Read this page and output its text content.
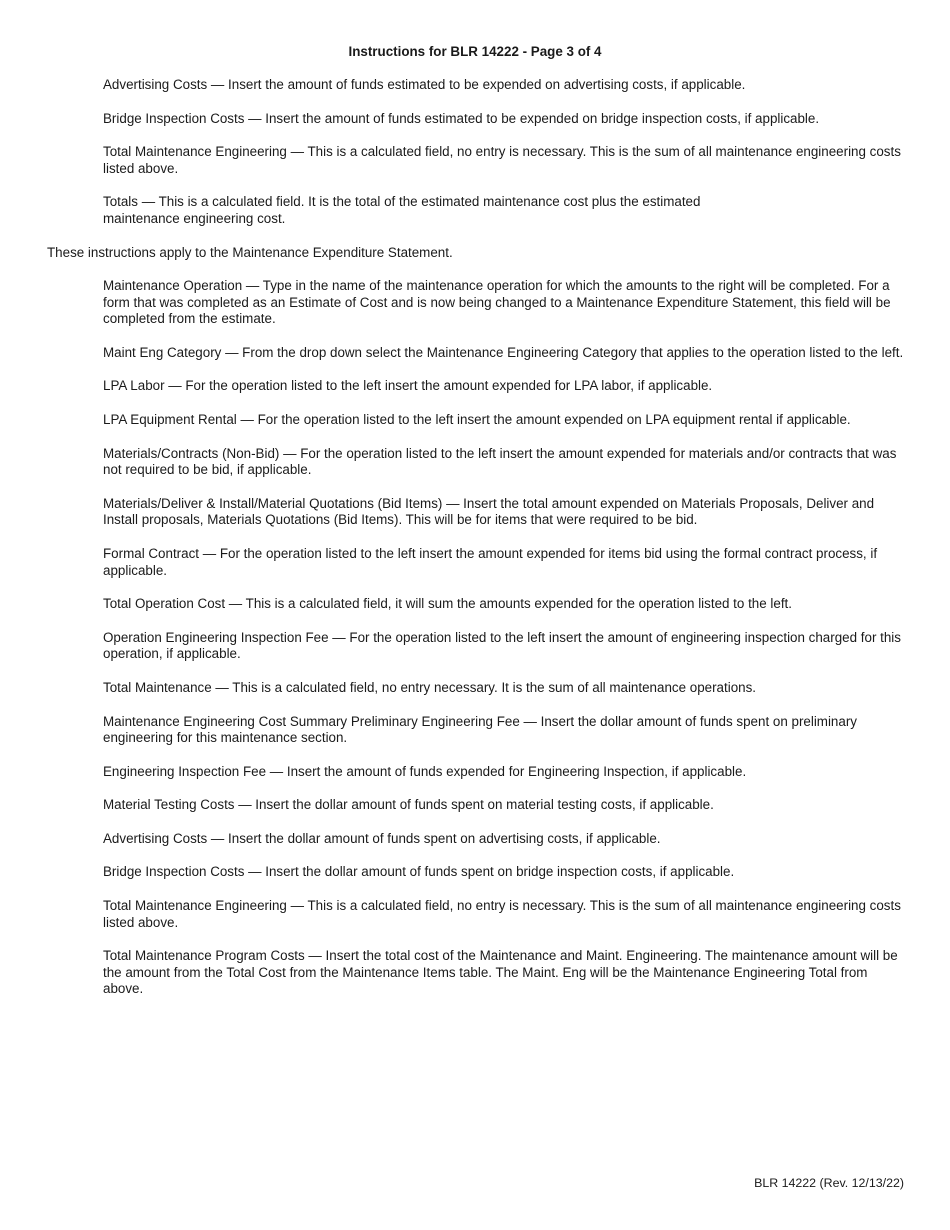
Instructions for BLR 14222 - Page 3 of 4

Advertising Costs — Insert the amount of funds estimated to be expended on advertising costs, if applicable.

Bridge Inspection Costs — Insert the amount of funds estimated to be expended on bridge inspection costs, if applicable.

Total Maintenance Engineering — This is a calculated field, no entry is necessary. This is the sum of all maintenance engineering costs listed above.

Totals — This is a calculated field. It is the total of the estimated maintenance cost plus the estimated maintenance engineering cost.

These instructions apply to the Maintenance Expenditure Statement.

Maintenance Operation — Type in the name of the maintenance operation for which the amounts to the right will be completed. For a form that was completed as an Estimate of Cost and is now being changed to a Maintenance Expenditure Statement, this field will be completed from the estimate.

Maint Eng Category — From the drop down select the Maintenance Engineering Category that applies to the operation listed to the left.

LPA Labor — For the operation listed to the left insert the amount expended for LPA labor, if applicable.

LPA Equipment Rental — For the operation listed to the left insert the amount expended on LPA equipment rental if applicable.

Materials/Contracts (Non-Bid) — For the operation listed to the left insert the amount expended for materials and/or contracts that was not required to be bid, if applicable.

Materials/Deliver & Install/Material Quotations (Bid Items) — Insert the total amount expended on Materials Proposals, Deliver and Install proposals, Materials Quotations (Bid Items). This will be for items that were required to be bid.

Formal Contract — For the operation listed to the left insert the amount expended for items bid using the formal contract process, if applicable.

Total Operation Cost — This is a calculated field, it will sum the amounts expended for the operation listed to the left.

Operation Engineering Inspection Fee — For the operation listed to the left insert the amount of engineering inspection charged for this operation, if applicable.

Total Maintenance — This is a calculated field, no entry necessary. It is the sum of all maintenance operations.

Maintenance Engineering Cost Summary Preliminary Engineering Fee — Insert the dollar amount of funds spent on preliminary engineering for this maintenance section.

Engineering Inspection Fee — Insert the amount of funds expended for Engineering Inspection, if applicable.

Material Testing Costs — Insert the dollar amount of funds spent on material testing costs, if applicable.

Advertising Costs — Insert the dollar amount of funds spent on advertising costs, if applicable.

Bridge Inspection Costs — Insert the dollar amount of funds spent on bridge inspection costs, if applicable.

Total Maintenance Engineering — This is a calculated field, no entry is necessary. This is the sum of all maintenance engineering costs listed above.

Total Maintenance Program Costs — Insert the total cost of the Maintenance and Maint. Engineering. The maintenance amount will be the amount from the Total Cost from the Maintenance Items table. The Maint. Eng will be the Maintenance Engineering Total from above.

BLR 14222 (Rev. 12/13/22)
